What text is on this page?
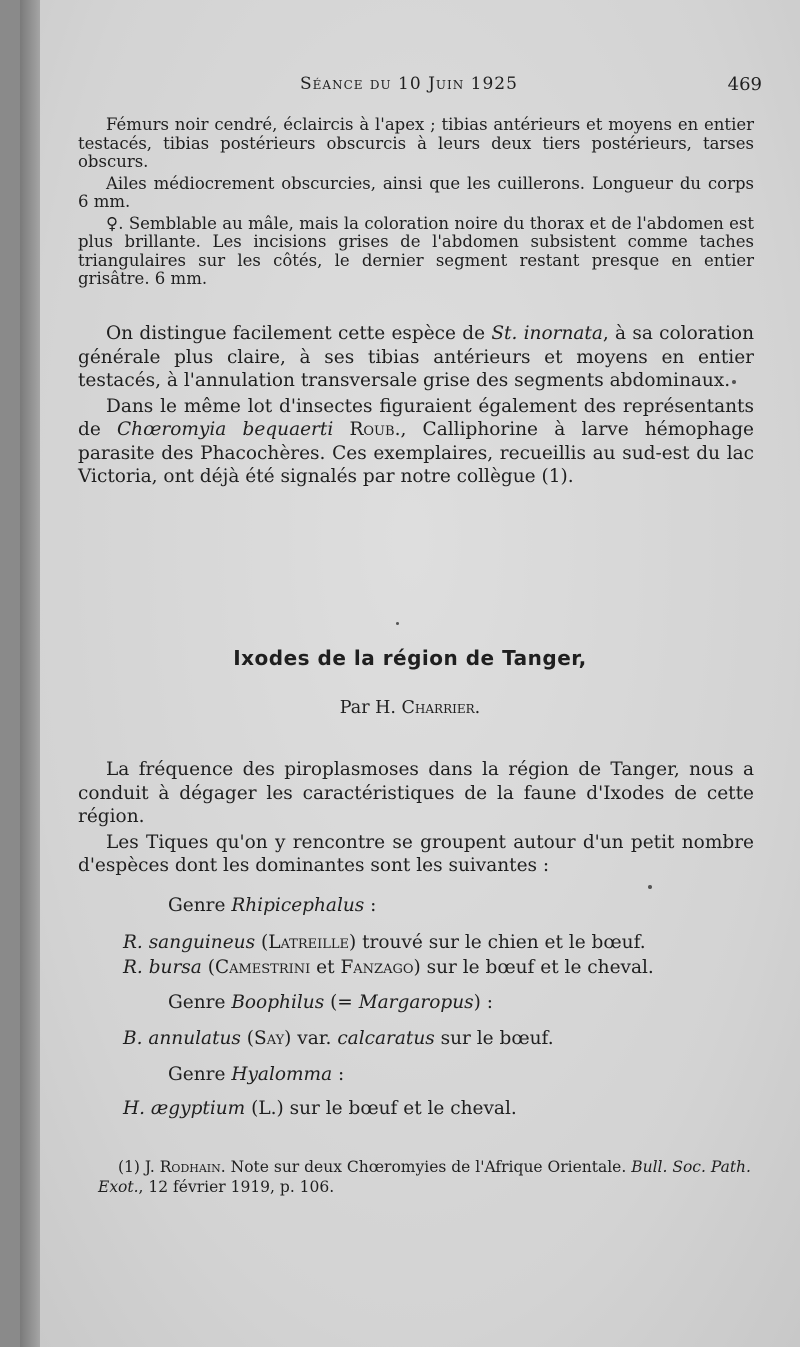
Séance du 10 Juin 1925	469

Fémurs noir cendré, éclaircis à l'apex ; tibias antérieurs et moyens en entier testacés, tibias postérieurs obscurcis à leurs deux tiers postérieurs, tarses obscurs.

Ailes médiocrement obscurcies, ainsi que les cuillerons. Longueur du corps 6 mm.

♀. Semblable au mâle, mais la coloration noire du thorax et de l'abdomen est plus brillante. Les incisions grises de l'abdomen subsistent comme taches triangulaires sur les côtés, le dernier segment restant presque en entier grisâtre. 6 mm.

On distingue facilement cette espèce de St. inornata, à sa coloration générale plus claire, à ses tibias antérieurs et moyens en entier testacés, à l'annulation transversale grise des segments abdominaux.

Dans le même lot d'insectes figuraient également des représentants de Chœromyia bequaerti Roub., Calliphorine à larve hémophage parasite des Phacochères. Ces exemplaires, recueillis au sud-est du lac Victoria, ont déjà été signalés par notre collègue (1).

Ixodes de la région de Tanger,
Par H. Charrier.

La fréquence des piroplasmoses dans la région de Tanger, nous a conduit à dégager les caractéristiques de la faune d'Ixodes de cette région.

Les Tiques qu'on y rencontre se groupent autour d'un petit nombre d'espèces dont les dominantes sont les suivantes :

Genre Rhipicephalus :
R. sanguineus (Latreille) trouvé sur le chien et le bœuf.
R. bursa (Camestrini et Fanzago) sur le bœuf et le cheval.
Genre Boophilus (= Margaropus) :
B. annulatus (Say) var. calcaratus sur le bœuf.
Genre Hyalomma :
H. ægyptium (L.) sur le bœuf et le cheval.

(1) J. Rodhain. Note sur deux Chœromyies de l'Afrique Orientale. Bull. Soc. Path. Exot., 12 février 1919, p. 106.
